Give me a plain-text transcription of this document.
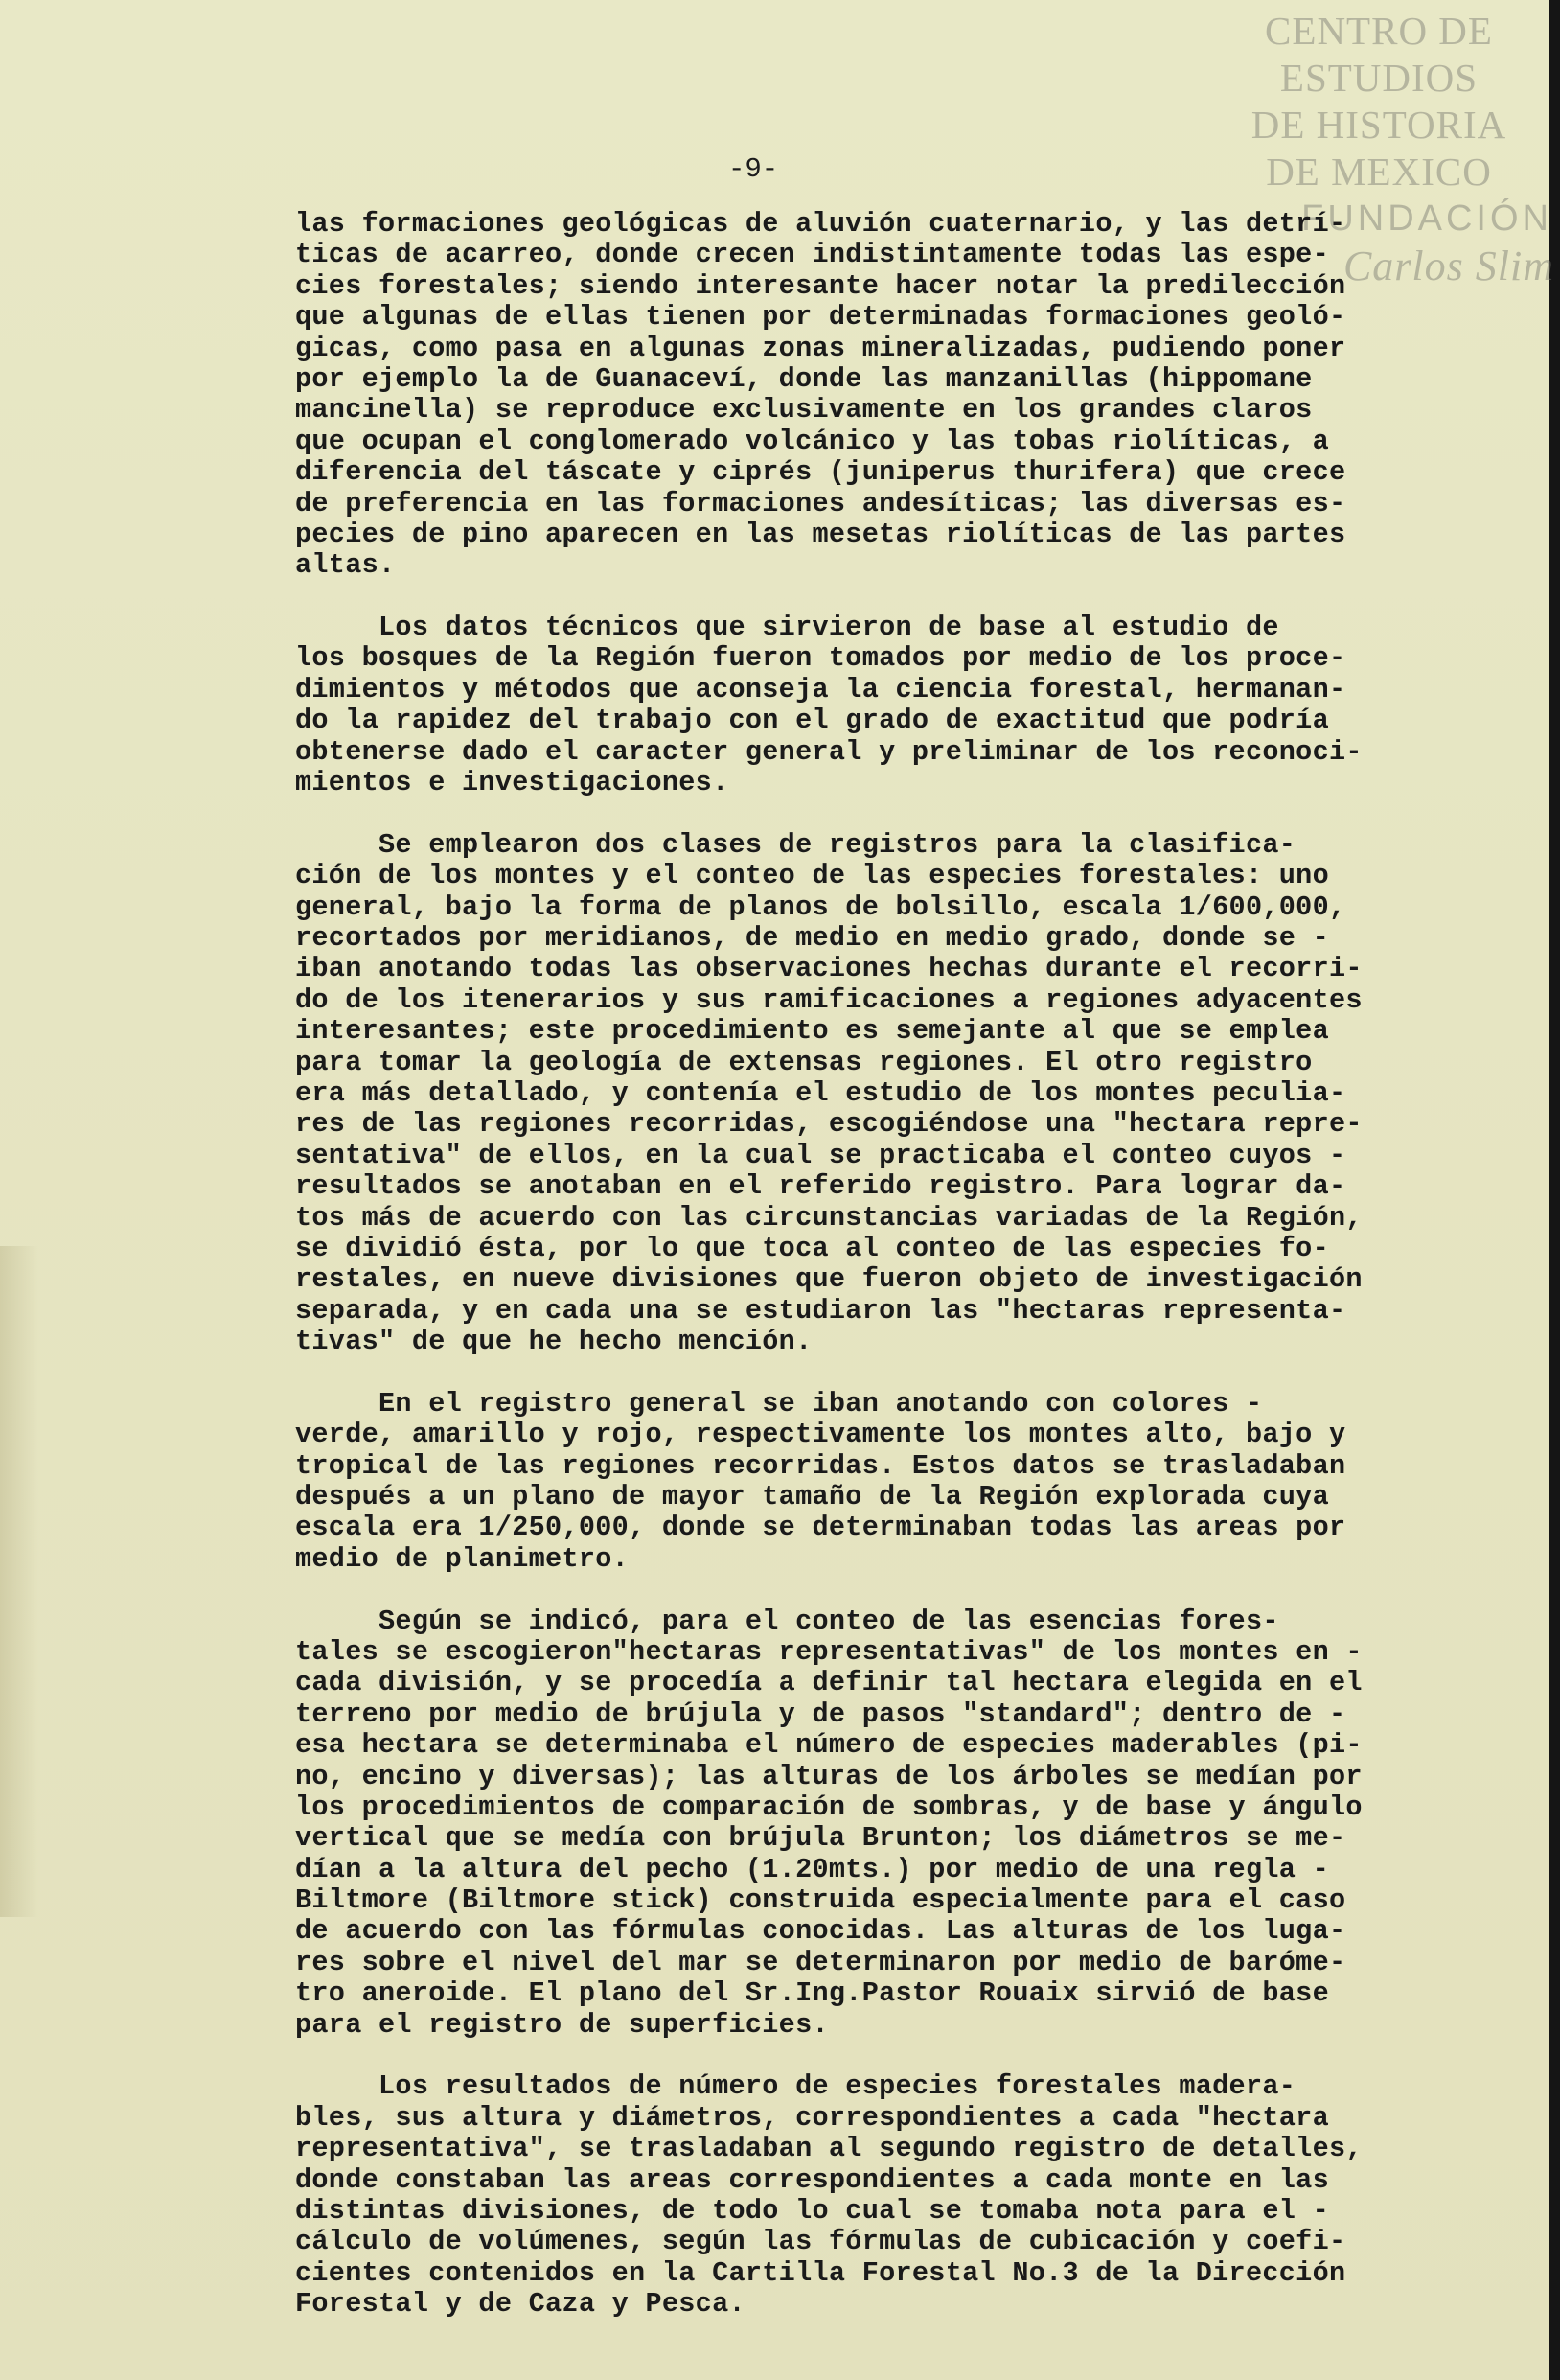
CENTRO DE
ESTUDIOS
DE HISTORIA
DE MEXICO
FUNDACIÓN
Carlos Slim
-9-
las formaciones geológicas de aluvión cuaternario, y las detrí-
ticas de acarreo, donde crecen indistintamente todas las espe-
cies forestales; siendo interesante hacer notar la predilección
que algunas de ellas tienen por determinadas formaciones geoló-
gicas, como pasa en algunas zonas mineralizadas, pudiendo poner
por ejemplo la de Guanaceví, donde las manzanillas (hippomane
mancinella) se reproduce exclusivamente en los grandes claros
que ocupan el conglomerado volcánico y las tobas riolíticas, a
diferencia del táscate y ciprés (juniperus thurifera) que crece
de preferencia en las formaciones andesíticas; las diversas es-
pecies de pino aparecen en las mesetas riolíticas de las partes
altas.
Los datos técnicos que sirvieron de base al estudio de
los bosques de la Región fueron tomados por medio de los proce-
dimientos y métodos que aconseja la ciencia forestal, hermanan-
do la rapidez del trabajo con el grado de exactitud que podría
obtenerse dado el caracter general y preliminar de los reconoci-
mientos e investigaciones.
Se emplearon dos clases de registros para la clasifica-
ción de los montes y el conteo de las especies forestales: uno
general, bajo la forma de planos de bolsillo, escala 1/600,000,
recortados por meridianos, de medio en medio grado, donde se -
iban anotando todas las observaciones hechas durante el recorri-
do de los itenerarios y sus ramificaciones a regiones adyacentes
interesantes; este procedimiento es semejante al que se emplea
para tomar la geología de extensas regiones. El otro registro
era más detallado, y contenía el estudio de los montes peculia-
res de las regiones recorridas, escogiéndose una "hectara repre-
sentativa" de ellos, en la cual se practicaba el conteo cuyos -
resultados se anotaban en el referido registro. Para lograr da-
tos más de acuerdo con las circunstancias variadas de la Región,
se dividió ésta, por lo que toca al conteo de las especies fo-
restales, en nueve divisiones que fueron objeto de investigación
separada, y en cada una se estudiaron las "hectaras representa-
tivas" de que he hecho mención.
En el registro general se iban anotando con colores -
verde, amarillo y rojo, respectivamente los montes alto, bajo y
tropical de las regiones recorridas. Estos datos se trasladaban
después a un plano de mayor tamaño de la Región explorada cuya
escala era 1/250,000, donde se determinaban todas las areas por
medio de planimetro.
Según se indicó, para el conteo de las esencias fores-
tales se escogieron"hectaras representativas" de los montes en -
cada división, y se procedía a definir tal hectara elegida en el
terreno por medio de brújula y de pasos "standard"; dentro de -
esa hectara se determinaba el número de especies maderables (pi-
no, encino y diversas); las alturas de los árboles se medían por
los procedimientos de comparación de sombras, y de base y ángulo
vertical que se medía con brújula Brunton; los diámetros se me-
dían a la altura del pecho (1.20mts.) por medio de una regla -
Biltmore (Biltmore stick) construida especialmente para el caso
de acuerdo con las fórmulas conocidas. Las alturas de los luga-
res sobre el nivel del mar se determinaron por medio de baróme-
tro aneroide. El plano del Sr.Ing.Pastor Rouaix sirvió de base
para el registro de superficies.
Los resultados de número de especies forestales madera-
bles, sus altura y diámetros, correspondientes a cada "hectara
representativa", se trasladaban al segundo registro de detalles,
donde constaban las areas correspondientes a cada monte en las
distintas divisiones, de todo lo cual se tomaba nota para el -
cálculo de volúmenes, según las fórmulas de cubicación y coefi-
cientes contenidos en la Cartilla Forestal No.3 de la Dirección
Forestal y de Caza y Pesca.
